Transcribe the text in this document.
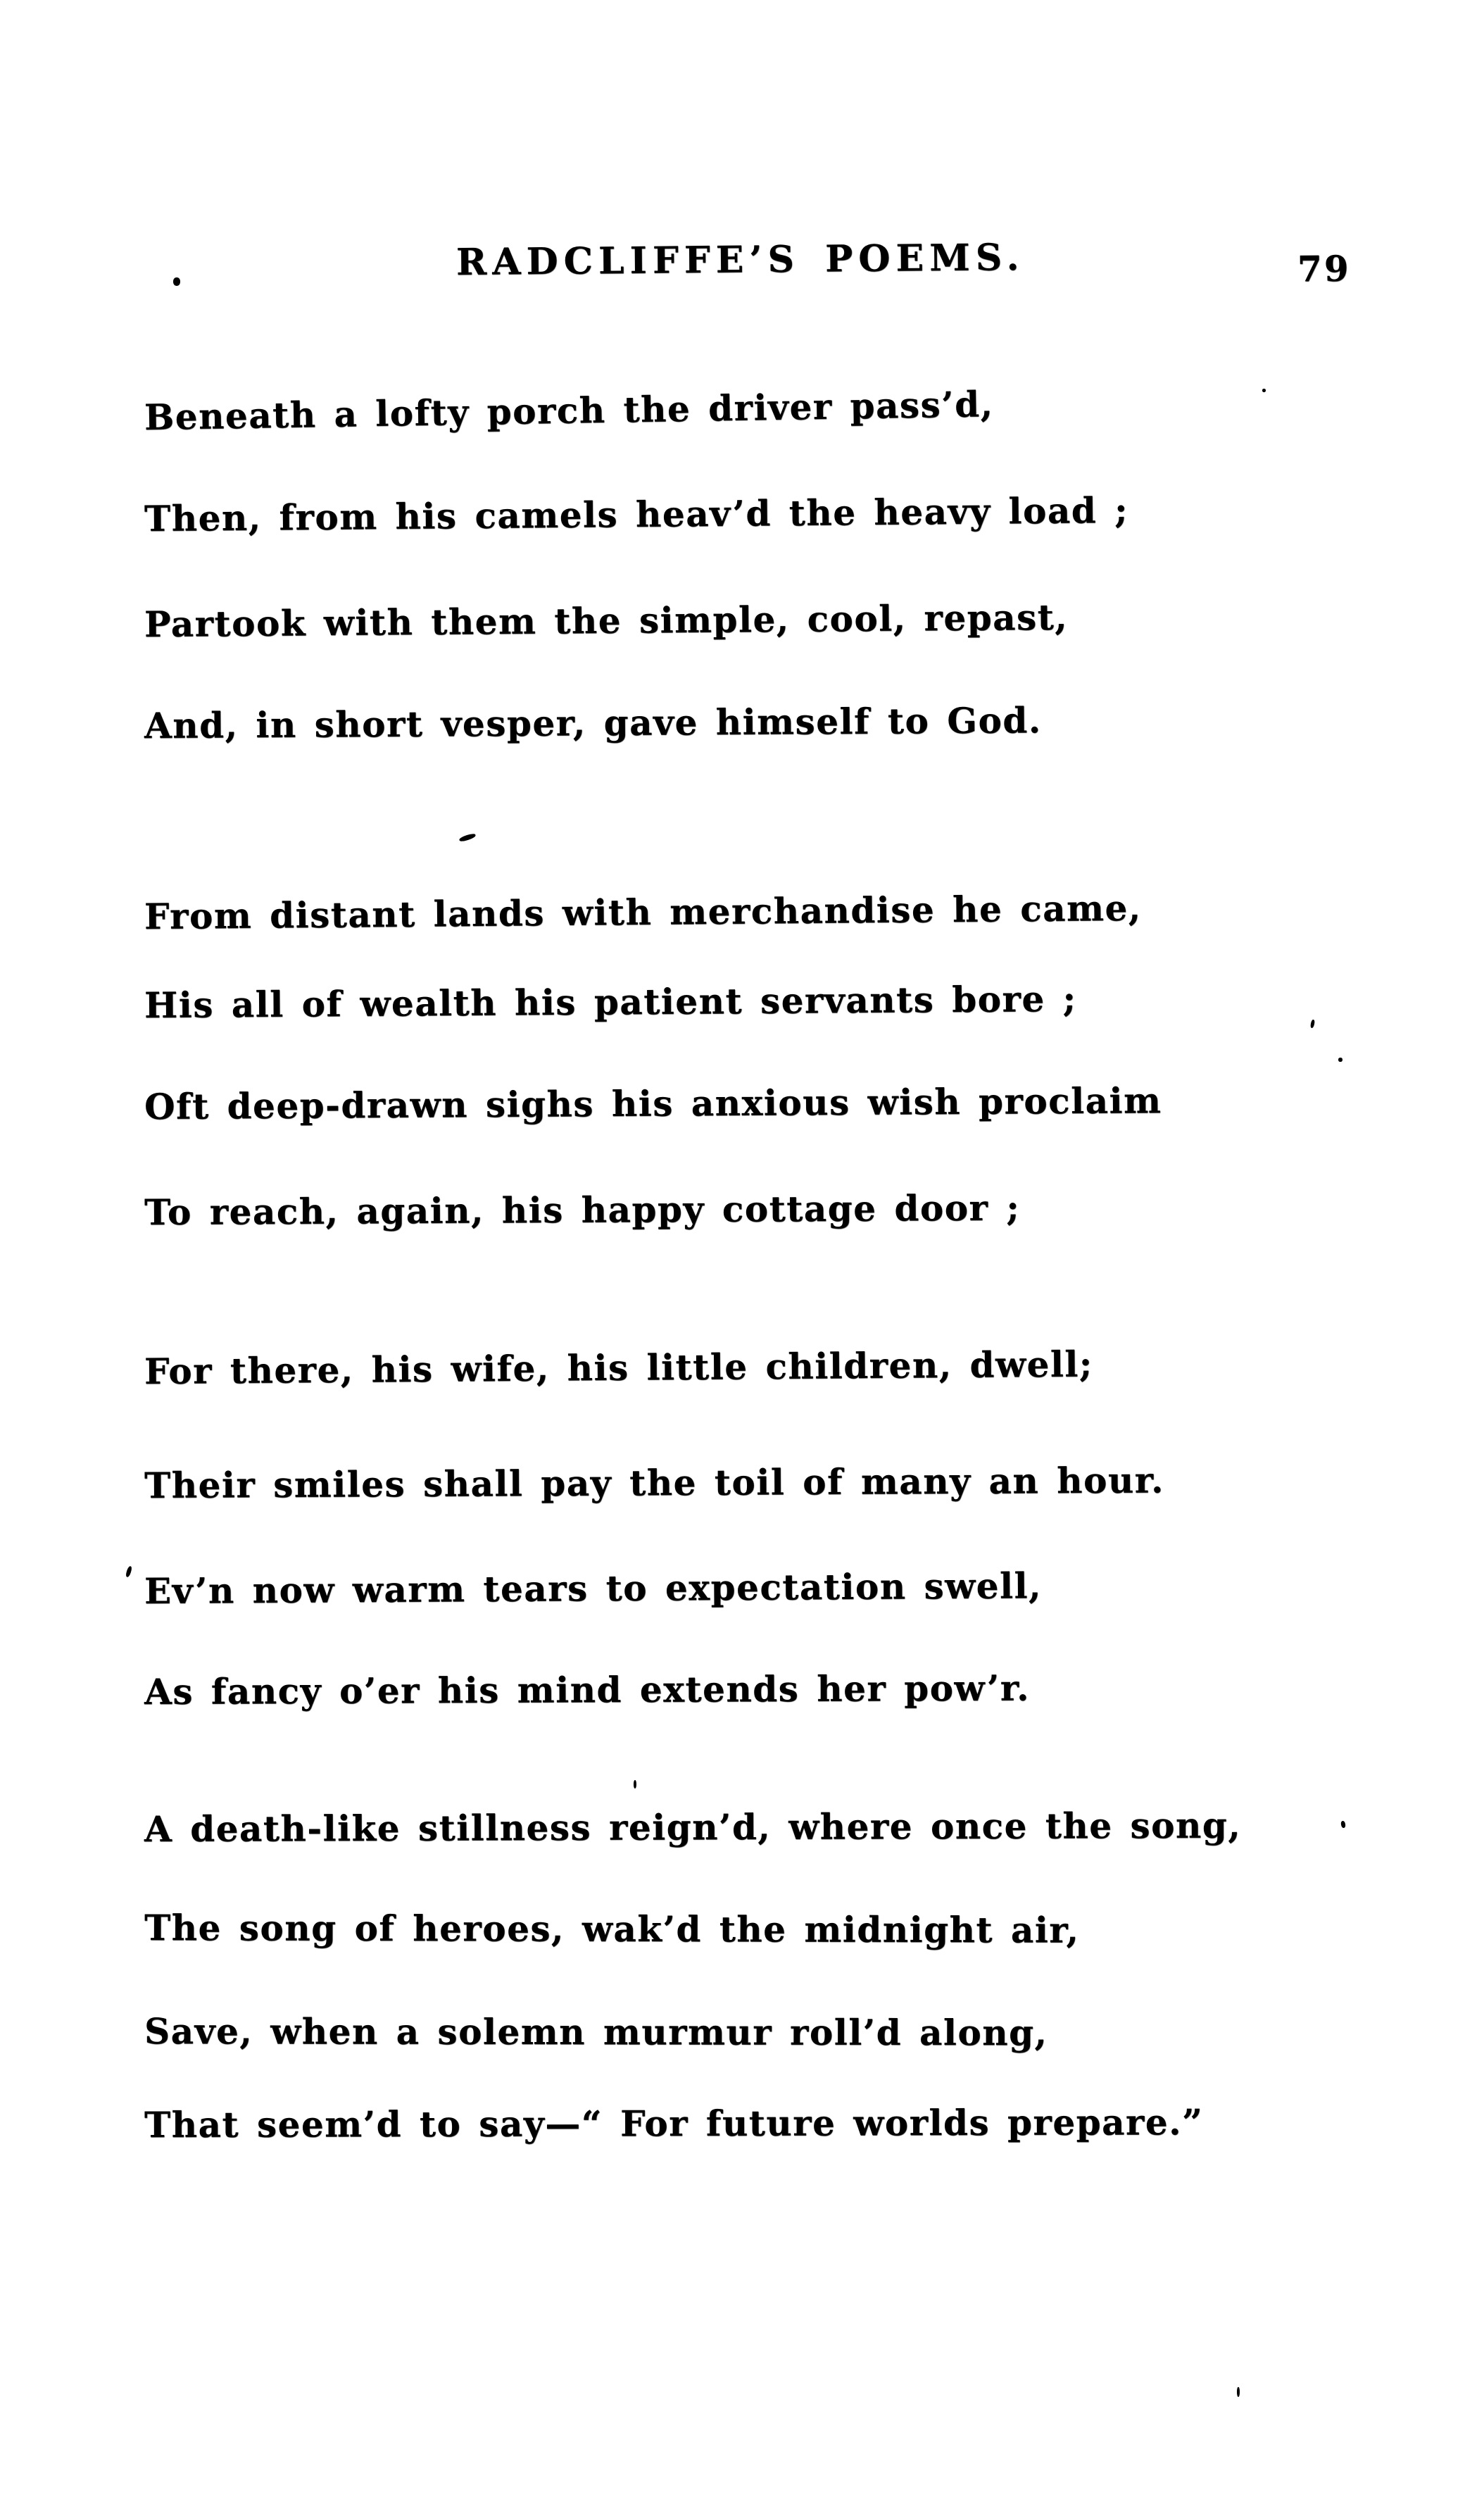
RADCLIFFE’S POEMS.	79
Beneath a lofty porch the driver pass’d,
Then, from his camels heav’d the heavy load ;
Partook with them the simple, cool, repast,
And, in short vesper, gave himself to God.
From distant lands with merchandise he came,
His all of wealth his patient servants bore ;
Oft deep-drawn sighs his anxious wish proclaim
To reach, again, his happy cottage door ;
For there, his wife, his little children, dwell;
Their smiles shall pay the toil of many an hour.
Ev’n now warm tears to expectation swell,
As fancy o’er his mind extends her pow’r.
A death-like stillness reign’d, where once the song,
The song of heroes, wak’d the midnight air,
Save, when a solemn murmur roll’d along,
That seem’d to say—“ For future worlds prepare.”
